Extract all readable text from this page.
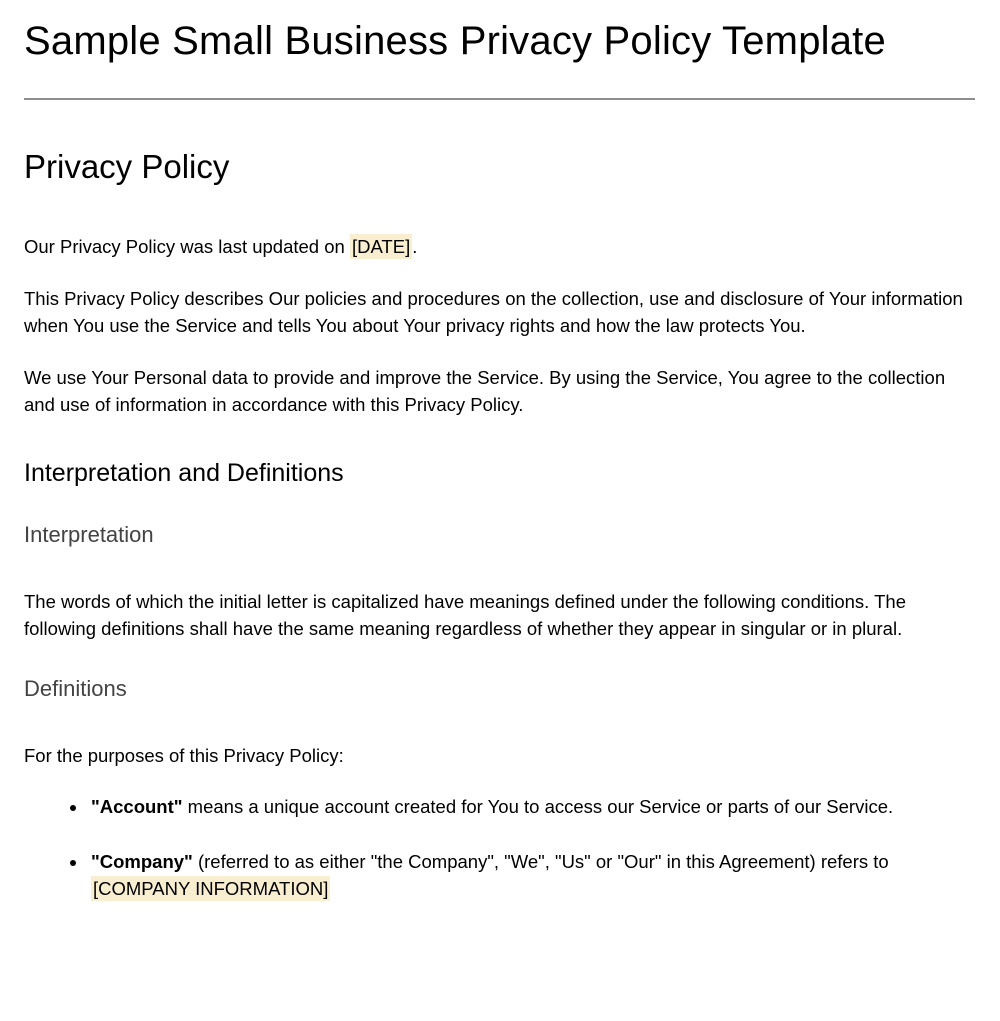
Sample Small Business Privacy Policy Template
Privacy Policy

Our Privacy Policy was last updated on [DATE] .

This Privacy Policy describes Our policies and procedures on the collection, use and disclosure of Your information when You use the Service and tells You about Your privacy rights and how the law protects You.

We use Your Personal data to provide and improve the Service. By using the Service, You agree to the collection and use of information in accordance with this Privacy Policy.

Interpretation and Definitions
Interpretation

The words of which the initial letter is capitalized have meanings defined under the following conditions. The following definitions shall have the same meaning regardless of whether they appear in singular or in plural.

Definitions

For the purposes of this Privacy Policy:

• "Account" means a unique account created for You to access our Service or parts of our Service.
• "Company" (referred to as either "the Company", "We", "Us" or "Our" in this Agreement) refers to [COMPANY INFORMATION]
